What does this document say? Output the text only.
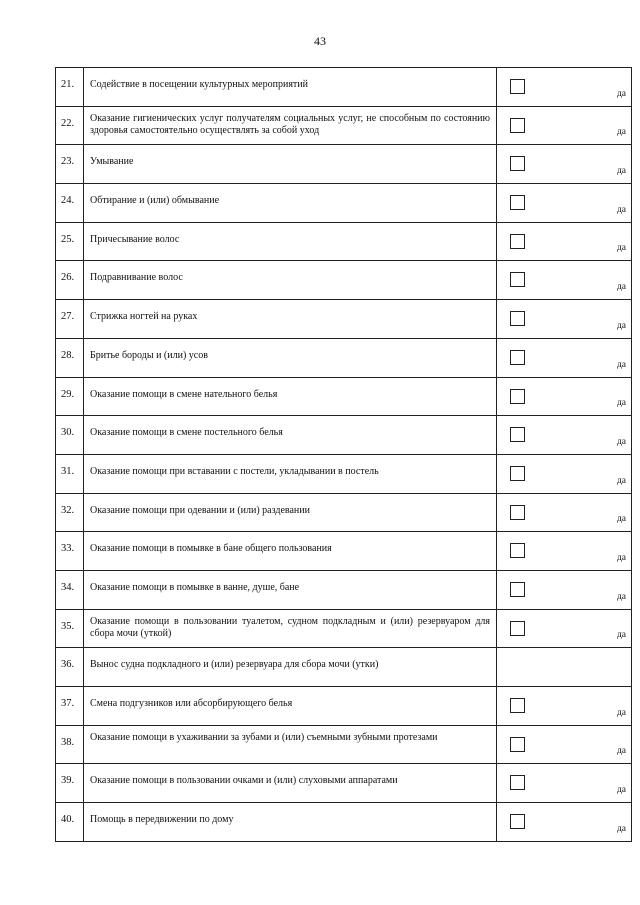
43
21.	Содействие в посещении культурных мероприятий	да

22.	Оказание гигиенических услуг получателям социальных услуг, не способным по состоянию здоровья самостоятельно осуществлять за собой уход	да

23.	Умывание	да

24.	Обтирание и (или) обмывание	да

25.	Причесывание волос	да

26.	Подравнивание волос	да

27.	Стрижка ногтей на руках	да

28.	Бритье бороды и (или) усов	да

29.	Оказание помощи в смене нательного белья	да

30.	Оказание помощи в смене постельного белья	да

31.	Оказание помощи при вставании с постели, укладывании в постель	да

32.	Оказание помощи при одевании и (или) раздевании	да

33.	Оказание помощи в помывке в бане общего пользования	да

34.	Оказание помощи в помывке в ванне, душе, бане	да

35.	Оказание помощи в пользовании туалетом, судном подкладным и (или) резервуаром для сбора мочи (уткой)	да

36.	Вынос судна подкладного и (или) резервуара для сбора мочи (утки)	

37.	Смена подгузников или абсорбирующего белья	да

38.	Оказание помощи в ухаживании за зубами и (или) съемными зубными протезами	да

39.	Оказание помощи в пользовании очками и (или) слуховыми аппаратами	да

40.	Помощь в передвижении по дому	да
